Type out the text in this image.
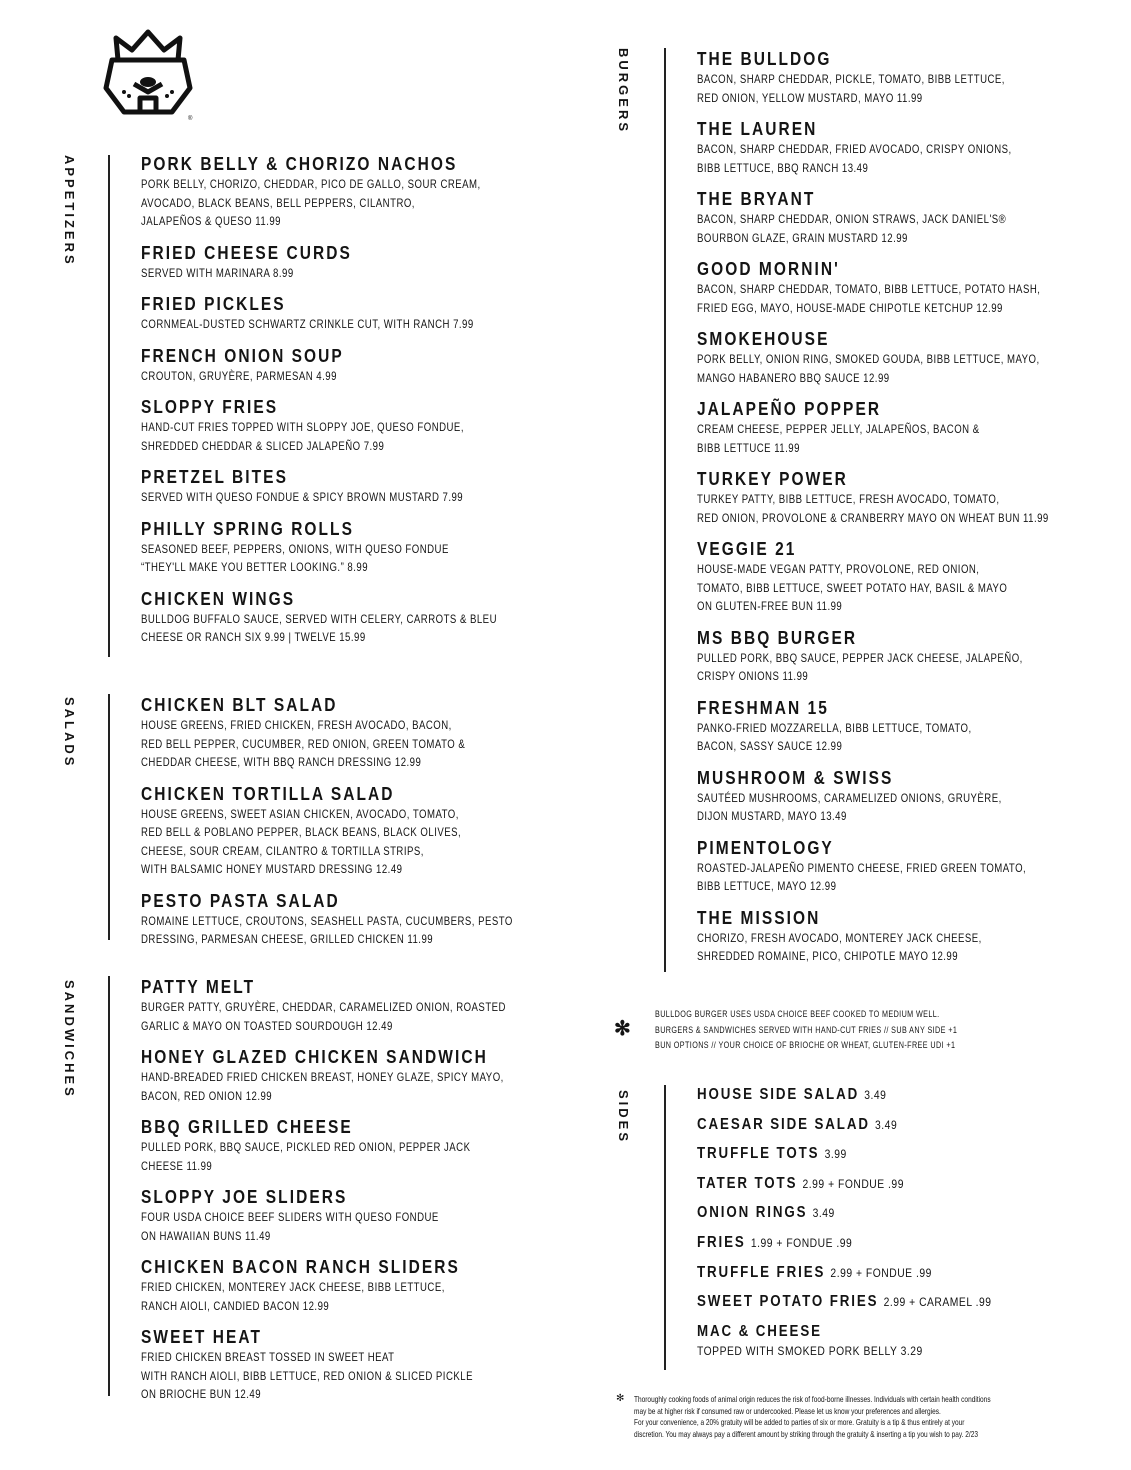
®
APPETIZERS	PORK BELLY & CHORIZO NACHOS
PORK BELLY, CHORIZO, CHEDDAR, PICO DE GALLO, SOUR CREAM,
AVOCADO, BLACK BEANS, BELL PEPPERS, CILANTRO,
JALAPEÑOS & QUESO 11.99
FRIED CHEESE CURDS
SERVED WITH MARINARA 8.99
FRIED PICKLES
CORNMEAL-DUSTED SCHWARTZ CRINKLE CUT, WITH RANCH 7.99
FRENCH ONION SOUP
CROUTON, GRUYÈRE, PARMESAN 4.99
SLOPPY FRIES
HAND-CUT FRIES TOPPED WITH SLOPPY JOE, QUESO FONDUE,
SHREDDED CHEDDAR & SLICED JALAPEÑO 7.99
PRETZEL BITES
SERVED WITH QUESO FONDUE & SPICY BROWN MUSTARD 7.99
PHILLY SPRING ROLLS
SEASONED BEEF, PEPPERS, ONIONS, WITH QUESO FONDUE
“THEY'LL MAKE YOU BETTER LOOKING.” 8.99
CHICKEN WINGS
BULLDOG BUFFALO SAUCE, SERVED WITH CELERY, CARROTS & BLEU
CHEESE OR RANCH SIX 9.99 | TWELVE 15.99
SALADS	CHICKEN BLT SALAD
HOUSE GREENS, FRIED CHICKEN, FRESH AVOCADO, BACON,
RED BELL PEPPER, CUCUMBER, RED ONION, GREEN TOMATO &
CHEDDAR CHEESE, WITH BBQ RANCH DRESSING 12.99
CHICKEN TORTILLA SALAD
HOUSE GREENS, SWEET ASIAN CHICKEN, AVOCADO, TOMATO,
RED BELL & POBLANO PEPPER, BLACK BEANS, BLACK OLIVES,
CHEESE, SOUR CREAM, CILANTRO & TORTILLA STRIPS,
WITH BALSAMIC HONEY MUSTARD DRESSING 12.49
PESTO PASTA SALAD
ROMAINE LETTUCE, CROUTONS, SEASHELL PASTA, CUCUMBERS, PESTO
DRESSING, PARMESAN CHEESE, GRILLED CHICKEN 11.99
SANDWICHES	PATTY MELT
BURGER PATTY, GRUYÈRE, CHEDDAR, CARAMELIZED ONION, ROASTED
GARLIC & MAYO ON TOASTED SOURDOUGH 12.49
HONEY GLAZED CHICKEN SANDWICH
HAND-BREADED FRIED CHICKEN BREAST, HONEY GLAZE, SPICY MAYO,
BACON, RED ONION 12.99
BBQ GRILLED CHEESE
PULLED PORK, BBQ SAUCE, PICKLED RED ONION, PEPPER JACK
CHEESE 11.99
SLOPPY JOE SLIDERS
FOUR USDA CHOICE BEEF SLIDERS WITH QUESO FONDUE
ON HAWAIIAN BUNS 11.49
CHICKEN BACON RANCH SLIDERS
FRIED CHICKEN, MONTEREY JACK CHEESE, BIBB LETTUCE,
RANCH AIOLI, CANDIED BACON 12.99
SWEET HEAT
FRIED CHICKEN BREAST TOSSED IN SWEET HEAT
WITH RANCH AIOLI, BIBB LETTUCE, RED ONION & SLICED PICKLE
ON BRIOCHE BUN 12.49
BURGERS	THE BULLDOG
BACON, SHARP CHEDDAR, PICKLE, TOMATO, BIBB LETTUCE,
RED ONION, YELLOW MUSTARD, MAYO 11.99
THE LAUREN
BACON, SHARP CHEDDAR, FRIED AVOCADO, CRISPY ONIONS,
BIBB LETTUCE, BBQ RANCH 13.49
THE BRYANT
BACON, SHARP CHEDDAR, ONION STRAWS, JACK DANIEL'S®
BOURBON GLAZE, GRAIN MUSTARD 12.99
GOOD MORNIN'
BACON, SHARP CHEDDAR, TOMATO, BIBB LETTUCE, POTATO HASH,
FRIED EGG, MAYO, HOUSE-MADE CHIPOTLE KETCHUP 12.99
SMOKEHOUSE
PORK BELLY, ONION RING, SMOKED GOUDA, BIBB LETTUCE, MAYO,
MANGO HABANERO BBQ SAUCE 12.99
JALAPEÑO POPPER
CREAM CHEESE, PEPPER JELLY, JALAPEÑOS, BACON &
BIBB LETTUCE 11.99
TURKEY POWER
TURKEY PATTY, BIBB LETTUCE, FRESH AVOCADO, TOMATO,
RED ONION, PROVOLONE & CRANBERRY MAYO ON WHEAT BUN 11.99
VEGGIE 21
HOUSE-MADE VEGAN PATTY, PROVOLONE, RED ONION,
TOMATO, BIBB LETTUCE, SWEET POTATO HAY, BASIL & MAYO
ON GLUTEN-FREE BUN 11.99
MS BBQ BURGER
PULLED PORK, BBQ SAUCE, PEPPER JACK CHEESE, JALAPEÑO,
CRISPY ONIONS 11.99
FRESHMAN 15
PANKO-FRIED MOZZARELLA, BIBB LETTUCE, TOMATO,
BACON, SASSY SAUCE 12.99
MUSHROOM & SWISS
SAUTÉED MUSHROOMS, CARAMELIZED ONIONS, GRUYÈRE,
DIJON MUSTARD, MAYO 13.49
PIMENTOLOGY
ROASTED-JALAPEÑO PIMENTO CHEESE, FRIED GREEN TOMATO,
BIBB LETTUCE, MAYO 12.99
THE MISSION
CHORIZO, FRESH AVOCADO, MONTEREY JACK CHEESE,
SHREDDED ROMAINE, PICO, CHIPOTLE MAYO 12.99
✻
BULLDOG BURGER USES USDA CHOICE BEEF COOKED TO MEDIUM WELL.
BURGERS & SANDWICHES SERVED WITH HAND-CUT FRIES // SUB ANY SIDE +1
BUN OPTIONS // YOUR CHOICE OF BRIOCHE OR WHEAT, GLUTEN-FREE UDI +1
SIDES	HOUSE SIDE SALAD 3.49
CAESAR SIDE SALAD 3.49
TRUFFLE TOTS 3.99
TATER TOTS 2.99 + FONDUE .99
ONION RINGS 3.49
FRIES 1.99 + FONDUE .99
TRUFFLE FRIES 2.99 + FONDUE .99
SWEET POTATO FRIES 2.99 + CARAMEL .99
MAC & CHEESE
TOPPED WITH SMOKED PORK BELLY 3.29
✻ Thoroughly cooking foods of animal origin reduces the risk of food-borne illnesses. Individuals with certain health conditions
may be at higher risk if consumed raw or undercooked. Please let us know your preferences and allergies.
For your convenience, a 20% gratuity will be added to parties of six or more. Gratuity is a tip & thus entirely at your
discretion. You may always pay a different amount by striking through the gratuity & inserting a tip you wish to pay. 2/23
